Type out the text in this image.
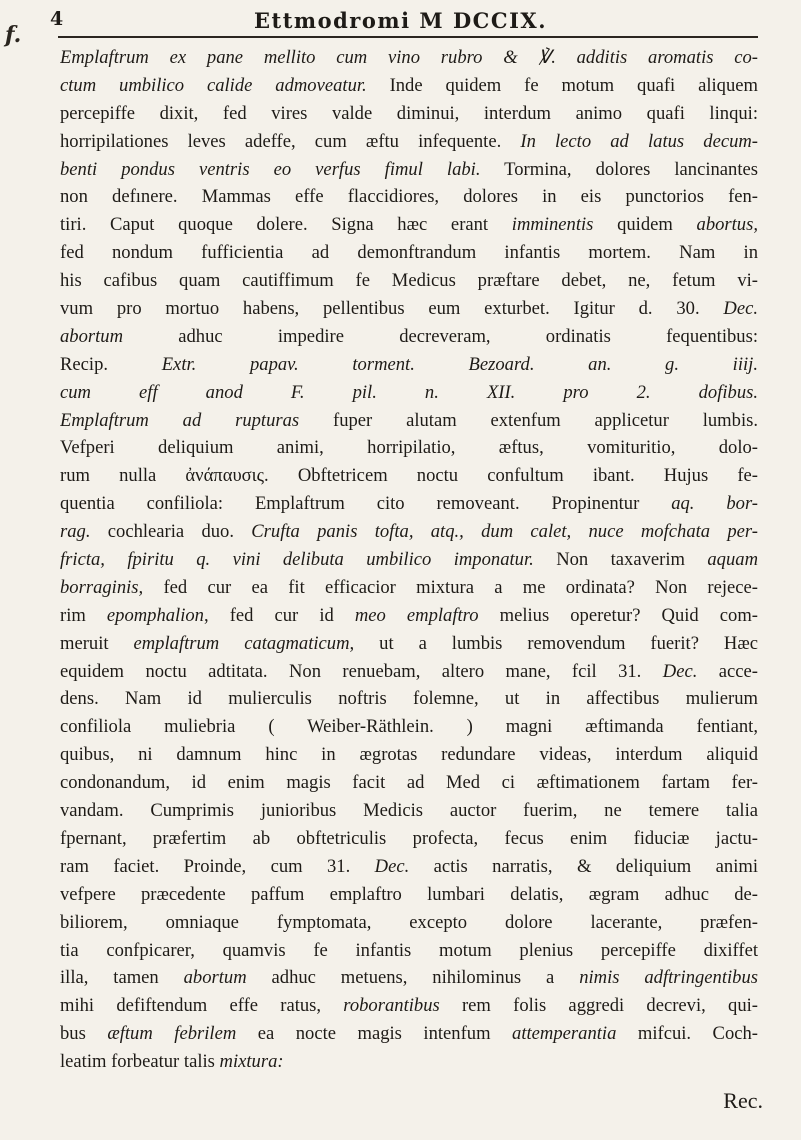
f.
4	Ettmodromi M DCCIX.
Emplaftrum ex pane mellito cum vino rubro & ℣. additis aromatis co-
ctum umbilico calide admoveatur. Inde quidem fe motum quafi aliquem
percepiffe dixit, fed vires valde diminui, interdum animo quafi linqui:
horripilationes leves adeffe, cum æftu infequente. In lecto ad latus decum-
benti pondus ventris eo verfus fimul labi. Tormina, dolores lancinantes
non defınere. Mammas effe flaccidiores, dolores in eis punctorios fen-
tiri. Caput quoque dolere. Signa hæc erant imminentis quidem abortus,
fed nondum fufficientia ad demonftrandum infantis mortem. Nam in
his cafibus quam cautiffimum fe Medicus præftare debet, ne, fetum vi-
vum pro mortuo habens, pellentibus eum exturbet. Igitur d. 30. Dec.
abortum adhuc impedire decreveram, ordinatis fequentibus:
Recip. Extr. papav. torment. Bezoard. an. g. iiij.
cum eff anod F. pil. n. XII. pro 2. dofibus.
Emplaftrum ad rupturas fuper alutam extenfum applicetur lumbis.
Vefperi deliquium animi, horripilatio, æftus, vomituritio, dolo-
rum nulla ἀνάπαυσις. Obftetricem noctu confultum ibant. Hujus fe-
quentia confiliola: Emplaftrum cito removeant. Propinentur aq. bor-
rag. cochlearia duo. Crufta panis tofta, atq., dum calet, nuce mofchata per-
fricta, fpiritu q. vini delibuta umbilico imponatur. Non taxaverim aquam
borraginis, fed cur ea fit efficacior mixtura a me ordinata? Non rejece-
rim epomphalion, fed cur id meo emplaftro melius operetur? Quid com-
meruit emplaftrum catagmaticum, ut a lumbis removendum fuerit? Hæc
equidem noctu adtitata. Non renuebam, altero mane, fcil 31. Dec. acce-
dens. Nam id mulierculis noftris folemne, ut in affectibus mulierum
confiliola muliebria ( Weiber-Räthlein. ) magni æftimanda fentiant,
quibus, ni damnum hinc in ægrotas redundare videas, interdum aliquid
condonandum, id enim magis facit ad Med ci æftimationem fartam fer-
vandam. Cumprimis junioribus Medicis auctor fuerim, ne temere talia
fpernant, præfertim ab obftetriculis profecta, fecus enim fiduciæ jactu-
ram faciet. Proinde, cum 31. Dec. actis narratis, & deliquium animi
vefpere præcedente paffum emplaftro lumbari delatis, ægram adhuc de-
biliorem, omniaque fymptomata, excepto dolore lacerante, præfen-
tia confpicarer, quamvis fe infantis motum plenius percepiffe dixiffet
illa, tamen abortum adhuc metuens, nihilominus a nimis adftringentibus
mihi defiftendum effe ratus, roborantibus rem folis aggredi decrevi, qui-
bus æftum febrilem ea nocte magis intenfum attemperantia mifcui. Coch-
leatim forbeatur talis mixtura:
Rec.
